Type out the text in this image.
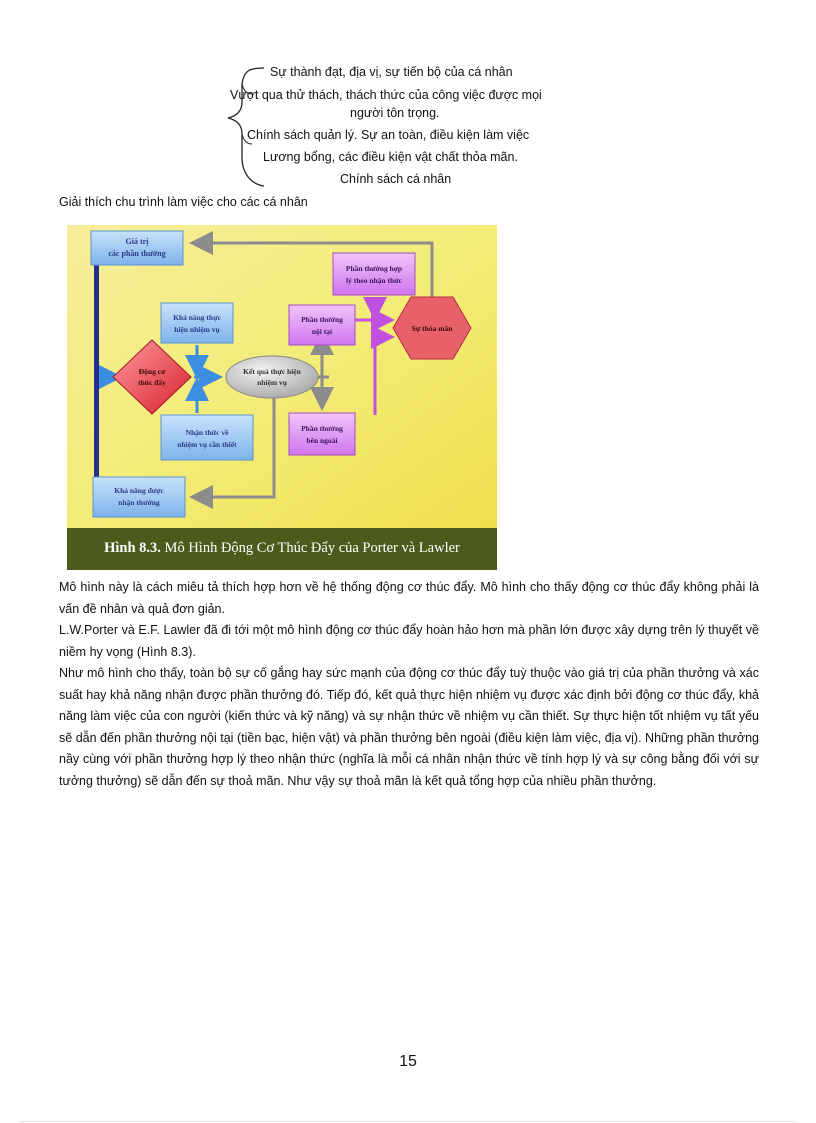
Sự thành đạt, địa vị, sự tiến bộ của cá nhân
Vượt qua thử thách, thách thức của công việc được mọi
người tôn trọng.
Chính sách quản lý. Sự an toàn, điều kiện làm việc
Lương bổng, các điều kiện vật chất thỏa mãn.
Chính sách cá nhân
Giải thích chu trình làm việc cho các cá nhân
Giá trị
các phần thưởng
Khả năng thực
hiện nhiệm vụ
Động cơ
thúc đẩy
Kết quả thực hiện
nhiệm vụ
Nhận thức về
nhiệm vụ cần thiết
Khả năng được
nhận thưởng
Phần thưởng hợp
lý theo nhận thức
Phần thưởng
nội tại
Phần thưởng
bên ngoài
Sự thỏa mãn
Hình 8.3. Mô Hình Động Cơ Thúc Đẩy của Porter và Lawler
Mô hình này là cách miêu tả thích hợp hơn về hệ thống động cơ thúc đẩy. Mô hình cho thấy động cơ thúc đẩy không phải là vấn đề nhân và quả đơn giản.
L.W.Porter và E.F. Lawler đã đi tới một mô hình động cơ thúc đẩy hoàn hảo hơn mà phần lớn được xây dựng trên lý thuyết về niềm hy vọng (Hình 8.3).
Như mô hình cho thấy, toàn bộ sự cố gắng hay sức mạnh của động cơ thúc đẩy tuỳ thuộc vào giá trị của phần thưởng và xác suất hay khả năng nhận được phần thưởng đó. Tiếp đó, kết quả thực hiện nhiệm vụ được xác định bởi động cơ thúc đẩy, khả năng làm việc của con người (kiến thức và kỹ năng) và sự nhận thức về nhiệm vụ cần thiết. Sự thực hiện tốt nhiệm vụ tất yếu sẽ dẫn đến phần thưởng nội tại (tiền bạc, hiện vật) và phần thưởng bên ngoài (điều kiện làm việc, địa vị). Những phần thưởng nầy cùng với phần thưởng hợp lý theo nhận thức (nghĩa là mỗi cá nhân nhận thức về tính hợp lý và sự công bằng đối với sự tưởng thưởng) sẽ dẫn đến sự thoả mãn. Như vậy sự thoả mãn là kết quả tổng hợp của nhiều phần thưởng.
15
